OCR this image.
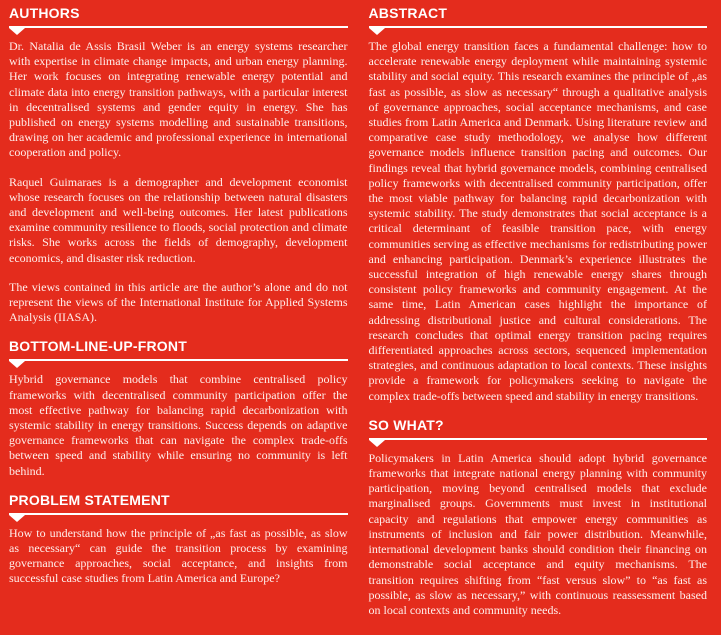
AUTHORS

Dr. Natalia de Assis Brasil Weber is an energy systems researcher with expertise in climate change impacts, and urban energy planning. Her work focuses on integrating renewable energy potential and climate data into energy transition pathways, with a particular interest in decentralised systems and gender equity in energy. She has published on energy systems modelling and sustainable transitions, drawing on her academic and professional experience in international cooperation and policy.

Raquel Guimaraes is a demographer and development economist whose research focuses on the relationship between natural disasters and development and well-being outcomes. Her latest publications examine community resilience to floods, social protection and climate risks. She works across the fields of demography, development economics, and disaster risk reduction.

The views contained in this article are the author’s alone and do not represent the views of the International Institute for Applied Systems Analysis (IIASA).

BOTTOM-LINE-UP-FRONT

Hybrid governance models that combine centralised policy frameworks with decentralised community participation offer the most effective pathway for balancing rapid decarbonization with systemic stability in energy transitions. Success depends on adaptive governance frameworks that can navigate the complex trade-offs between speed and stability while ensuring no community is left behind.

PROBLEM STATEMENT

How to understand how the principle of „as fast as possible, as slow as necessary“ can guide the transition process by examining governance approaches, social acceptance, and insights from successful case studies from Latin America and Europe?

ABSTRACT

The global energy transition faces a fundamental challenge: how to accelerate renewable energy deployment while maintaining systemic stability and social equity. This research examines the principle of „as fast as possible, as slow as necessary“ through a qualitative analysis of governance approaches, social acceptance mechanisms, and case studies from Latin America and Denmark. Using literature review and comparative case study methodology, we analyse how different governance models influence transition pacing and outcomes. Our findings reveal that hybrid governance models, combining centralised policy frameworks with decentralised community participation, offer the most viable pathway for balancing rapid decarbonization with systemic stability. The study demonstrates that social acceptance is a critical determinant of feasible transition pace, with energy communities serving as effective mechanisms for redistributing power and enhancing participation. Denmark’s experience illustrates the successful integration of high renewable energy shares through consistent policy frameworks and community engagement. At the same time, Latin American cases highlight the importance of addressing distributional justice and cultural considerations. The research concludes that optimal energy transition pacing requires differentiated approaches across sectors, sequenced implementation strategies, and continuous adaptation to local contexts. These insights provide a framework for policymakers seeking to navigate the complex trade-offs between speed and stability in energy transitions.

SO WHAT?

Policymakers in Latin America should adopt hybrid governance frameworks that integrate national energy planning with community participation, moving beyond centralised models that exclude marginalised groups. Governments must invest in institutional capacity and regulations that empower energy communities as instruments of inclusion and fair power distribution. Meanwhile, international development banks should condition their financing on demonstrable social acceptance and equity mechanisms. The transition requires shifting from “fast versus slow” to “as fast as possible, as slow as necessary,” with continuous reassessment based on local contexts and community needs.
